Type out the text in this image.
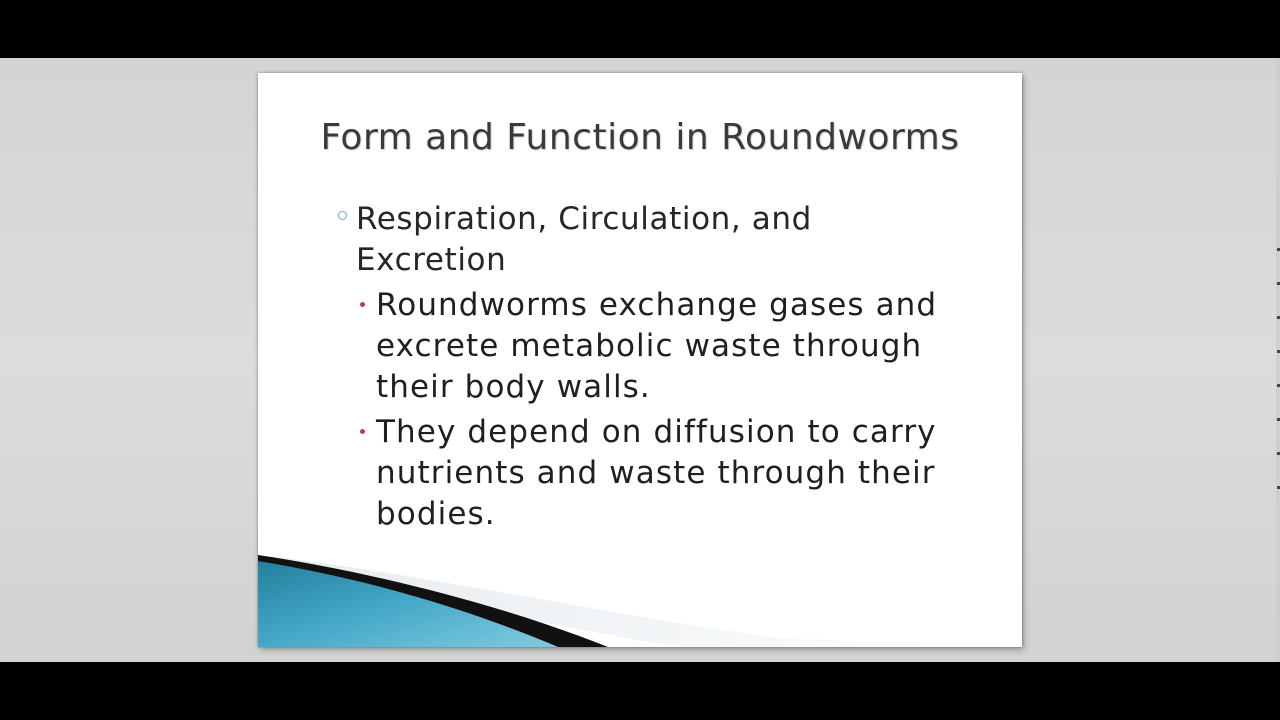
Form and Function in Roundworms
Respiration, Circulation, and Excretion
Roundworms exchange gases and excrete metabolic waste through their body walls.
They depend on diffusion to carry nutrients and waste through their bodies.
